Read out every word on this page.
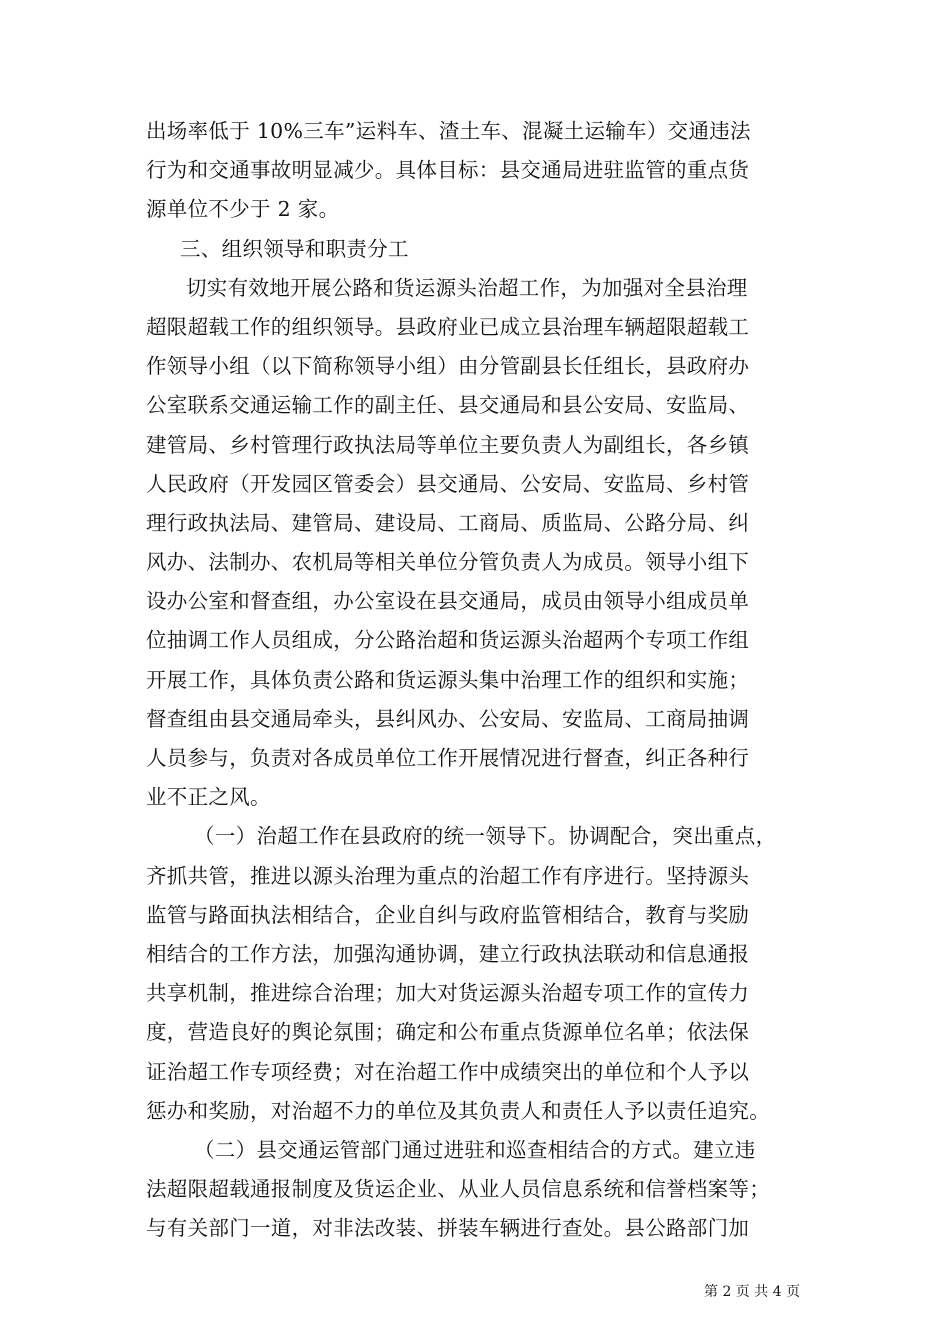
出场率低于 10%三车”运料车、渣土车、混凝土运输车）交通违法
行为和交通事故明显减少。具体目标：县交通局进驻监管的重点货
源单位不少于 2 家。
三、组织领导和职责分工
切实有效地开展公路和货运源头治超工作，为加强对全县治理
超限超载工作的组织领导。县政府业已成立县治理车辆超限超载工
作领导小组（以下简称领导小组）由分管副县长任组长，县政府办
公室联系交通运输工作的副主任、县交通局和县公安局、安监局、
建管局、乡村管理行政执法局等单位主要负责人为副组长，各乡镇
人民政府（开发园区管委会）县交通局、公安局、安监局、乡村管
理行政执法局、建管局、建设局、工商局、质监局、公路分局、纠
风办、法制办、农机局等相关单位分管负责人为成员。领导小组下
设办公室和督查组，办公室设在县交通局，成员由领导小组成员单
位抽调工作人员组成，分公路治超和货运源头治超两个专项工作组
开展工作，具体负责公路和货运源头集中治理工作的组织和实施；
督查组由县交通局牵头，县纠风办、公安局、安监局、工商局抽调
人员参与，负责对各成员单位工作开展情况进行督查，纠正各种行
业不正之风。
（一）治超工作在县政府的统一领导下。协调配合，突出重点，
齐抓共管，推进以源头治理为重点的治超工作有序进行。坚持源头
监管与路面执法相结合，企业自纠与政府监管相结合，教育与奖励
相结合的工作方法，加强沟通协调，建立行政执法联动和信息通报
共享机制，推进综合治理；加大对货运源头治超专项工作的宣传力
度，营造良好的舆论氛围；确定和公布重点货源单位名单；依法保
证治超工作专项经费；对在治超工作中成绩突出的单位和个人予以
惩办和奖励，对治超不力的单位及其负责人和责任人予以责任追究。
（二）县交通运管部门通过进驻和巡查相结合的方式。建立违
法超限超载通报制度及货运企业、从业人员信息系统和信誉档案等；
与有关部门一道，对非法改装、拼装车辆进行查处。县公路部门加
第 2 页 共 4 页
